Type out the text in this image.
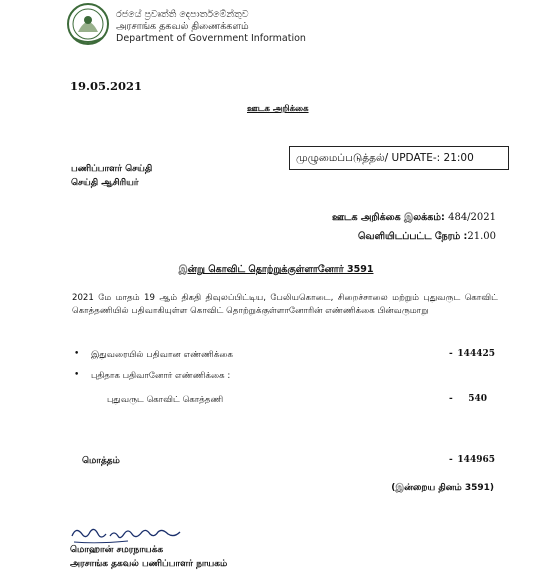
රජයේ ප්‍රවෘත්ති දෙපාර්තමේන්තුව
அரசாங்க தகவல் திணைக்களம்
Department of Government Information
19.05.2021
ஊடக அறிக்கை
முழுமைப்படுத்தல்/ UPDATE-: 21:00
பணிப்பாளர் செய்தி
செய்தி ஆசிரியர்
ஊடக அறிக்கை இலக்கம்: 484/2021
வெளியிடப்பட்ட நேரம் :21.00
இன்று கொவிட் தொற்றுக்குள்ளானோர் 3591
2021 மே மாதம் 19 ஆம் திகதி திவுலப்பிட்டிய, பேலியகொடை, சிறைச்சாலை மற்றும் புதுவருட கொவிட் கொத்தணியில் பதிவாகியுள்ள கொவிட் தொற்றுக்குள்ளானோரின் எண்ணிக்கை பின்வருமாறு
• இதுவரையில் பதிவான எண்ணிக்கை	- 144425
• புதிதாக பதிவானோர் எண்ணிக்கை :
புதுவருட கொவிட் கொத்தணி	- 540
மொத்தம்	- 144965
(இன்றைய தினம் 3591)
மொஹான் சமரநாயக்க
அரசாங்க தகவல் பணிப்பாளர் நாயகம்
